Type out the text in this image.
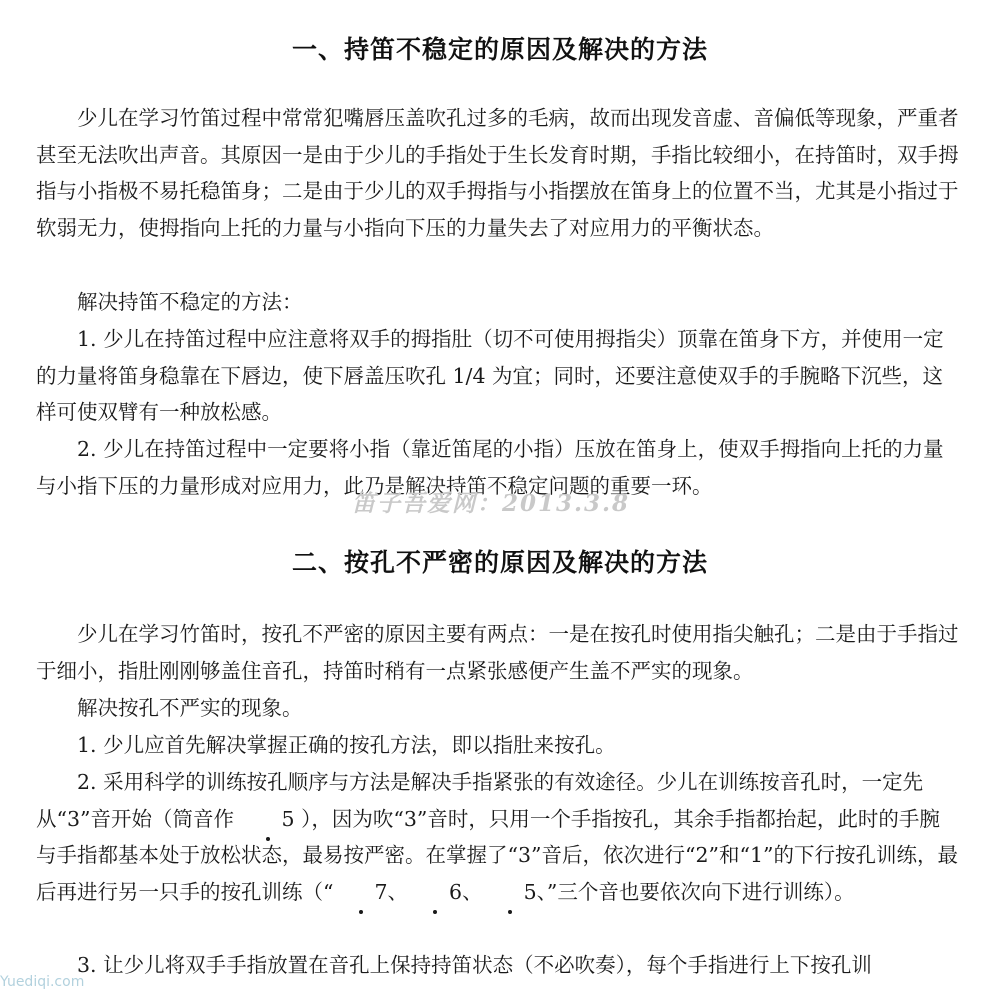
一、持笛不稳定的原因及解决的方法

少儿在学习竹笛过程中常常犯嘴唇压盖吹孔过多的毛病，故而出现发音虚、音偏低等现象，严重者甚至无法吹出声音。其原因一是由于少儿的手指处于生长发育时期，手指比较细小，在持笛时，双手拇指与小指极不易托稳笛身；二是由于少儿的双手拇指与小指摆放在笛身上的位置不当，尤其是小指过于软弱无力，使拇指向上托的力量与小指向下压的力量失去了对应用力的平衡状态。

解决持笛不稳定的方法：

1. 少儿在持笛过程中应注意将双手的拇指肚（切不可使用拇指尖）顶靠在笛身下方，并使用一定的力量将笛身稳靠在下唇边，使下唇盖压吹孔 1/4 为宜；同时，还要注意使双手的手腕略下沉些，这样可使双臂有一种放松感。

2. 少儿在持笛过程中一定要将小指（靠近笛尾的小指）压放在笛身上，使双手拇指向上托的力量与小指下压的力量形成对应用力，此乃是解决持笛不稳定问题的重要一环。

笛子吾爱网：2013.3.8
二、按孔不严密的原因及解决的方法

少儿在学习竹笛时，按孔不严密的原因主要有两点：一是在按孔时使用指尖触孔；二是由于手指过于细小，指肚刚刚够盖住音孔，持笛时稍有一点紧张感便产生盖不严实的现象。

解决按孔不严实的现象。

1. 少儿应首先解决掌握正确的按孔方法，即以指肚来按孔。

2. 采用科学的训练按孔顺序与方法是解决手指紧张的有效途径。少儿在训练按音孔时，一定先从“3”音开始（筒音作 5 ），因为吹“3”音时，只用一个手指按孔，其余手指都抬起，此时的手腕与手指都基本处于放松状态，最易按严密。在掌握了“3”音后，依次进行“2”和“1”的下行按孔训练，最后再进行另一只手的按孔训练（“ 7、 6、 5、”三个音也要依次向下进行训练）。

3. 让少儿将双手手指放置在音孔上保持持笛状态（不必吹奏），每个手指进行上下按孔训

Yuediqi.com
